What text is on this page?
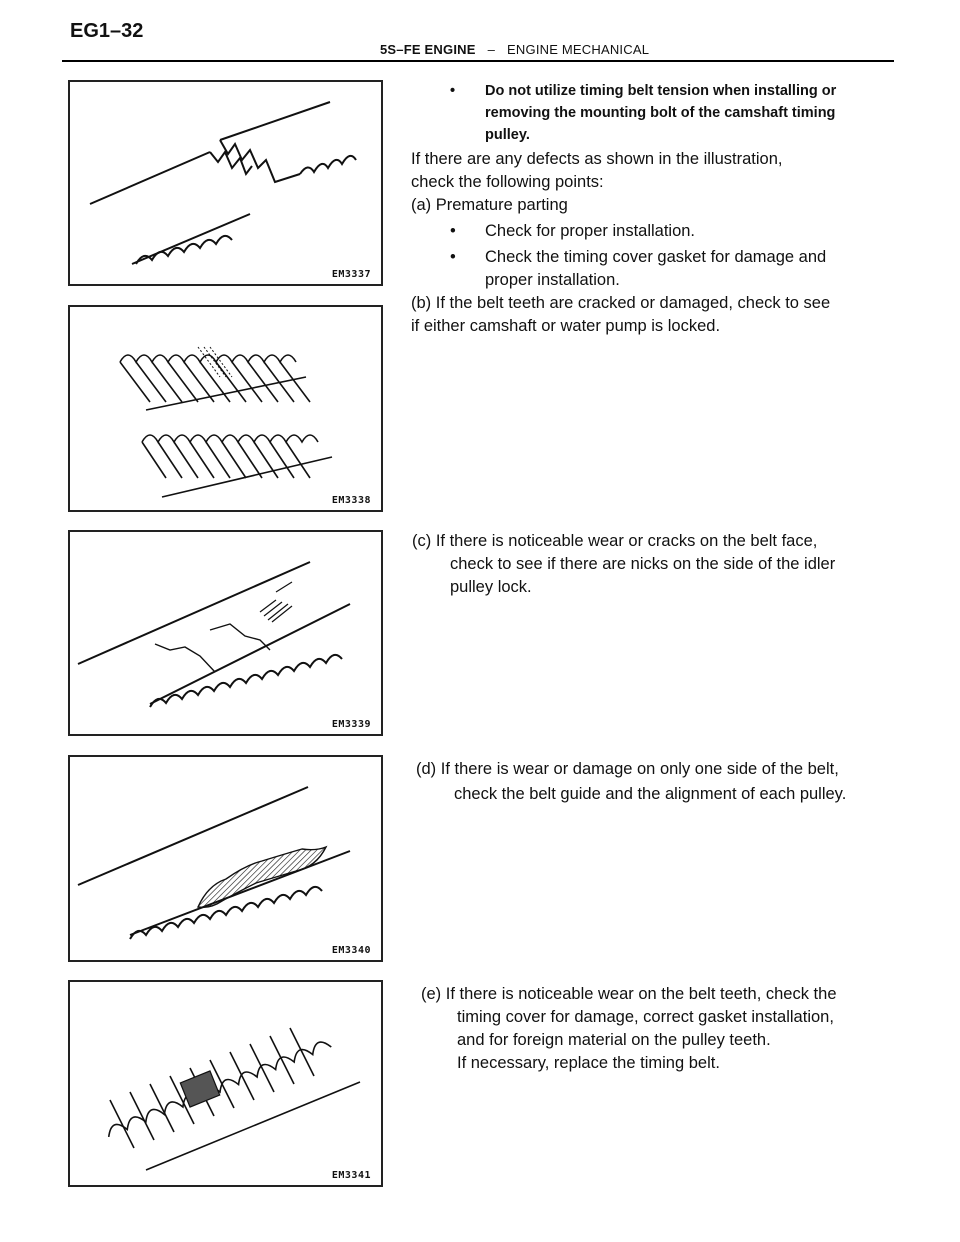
EG1–32
5S–FE ENGINE – ENGINE MECHANICAL
EM3337
EM3338
EM3339
EM3340
EM3341
• Do not utilize timing belt tension when installing or
removing the mounting bolt of the camshaft timing
pulley.
If there are any defects as shown in the illustration,
check the following points:
(a) Premature parting
• Check for proper installation.
• Check the timing cover gasket for damage and
proper installation.
(b) If the belt teeth are cracked or damaged, check to see
if either camshaft or water pump is locked.
(c) If there is noticeable wear or cracks on the belt face,
check to see if there are nicks on the side of the idler
pulley lock.
(d) If there is wear or damage on only one side of the belt,
check the belt guide and the alignment of each pulley.
(e) If there is noticeable wear on the belt teeth, check the
timing cover for damage, correct gasket installation,
and for foreign material on the pulley teeth.
If necessary, replace the timing belt.
